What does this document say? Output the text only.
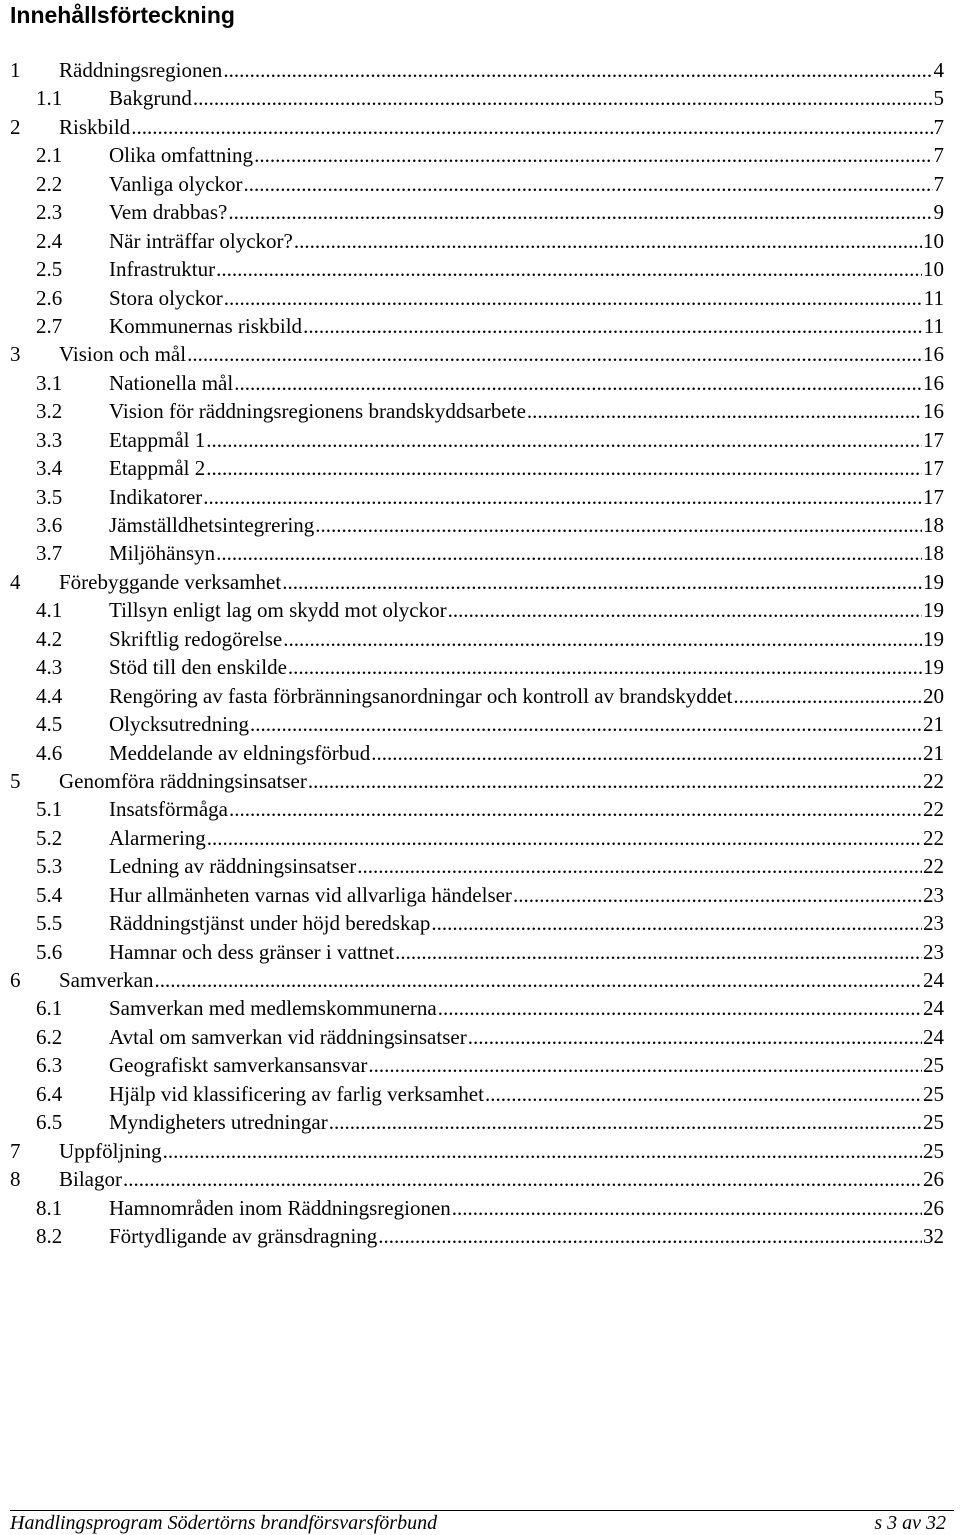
Innehållsförteckning
1 Räddningsregionen .....	4
1.1 Bakgrund .....	5
2 Riskbild .....	7
2.1 Olika omfattning .....	7
2.2 Vanliga olyckor .....	7
2.3 Vem drabbas? .....	9
2.4 När inträffar olyckor? .....	10
2.5 Infrastruktur .....	10
2.6 Stora olyckor .....	11
2.7 Kommunernas riskbild .....	11
3 Vision och mål .....	16
3.1 Nationella mål .....	16
3.2 Vision för räddningsregionens brandskyddsarbete .....	16
3.3 Etappmål 1 .....	17
3.4 Etappmål 2 .....	17
3.5 Indikatorer .....	17
3.6 Jämställdhetsintegrering .....	18
3.7 Miljöhänsyn .....	18
4 Förebyggande verksamhet .....	19
4.1 Tillsyn enligt lag om skydd mot olyckor .....	19
4.2 Skriftlig redogörelse .....	19
4.3 Stöd till den enskilde .....	19
4.4 Rengöring av fasta förbränningsanordningar och kontroll av brandskyddet .....	20
4.5 Olycksutredning .....	21
4.6 Meddelande av eldningsförbud .....	21
5 Genomföra räddningsinsatser .....	22
5.1 Insatsförmåga .....	22
5.2 Alarmering .....	22
5.3 Ledning av räddningsinsatser .....	22
5.4 Hur allmänheten varnas vid allvarliga händelser .....	23
5.5 Räddningstjänst under höjd beredskap .....	23
5.6 Hamnar och dess gränser i vattnet .....	23
6 Samverkan .....	24
6.1 Samverkan med medlemskommunerna .....	24
6.2 Avtal om samverkan vid räddningsinsatser .....	24
6.3 Geografiskt samverkansansvar .....	25
6.4 Hjälp vid klassificering av farlig verksamhet .....	25
6.5 Myndigheters utredningar .....	25
7 Uppföljning .....	25
8 Bilagor .....	26
8.1 Hamnområden inom Räddningsregionen .....	26
8.2 Förtydligande av gränsdragning .....	32
Handlingsprogram Södertörns brandförsvarsförbund	s 3 av 32
